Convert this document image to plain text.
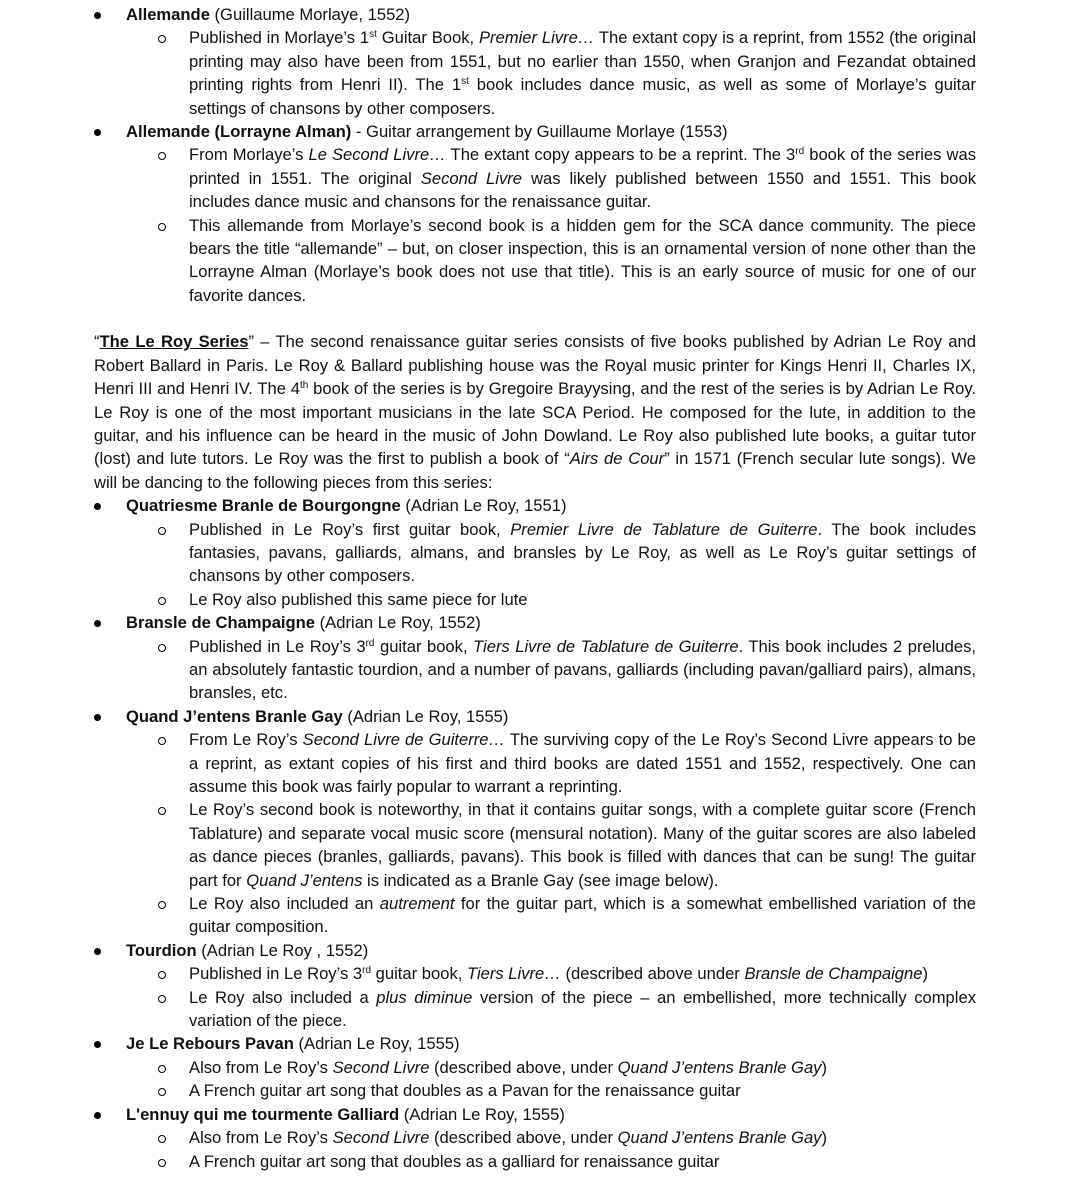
Allemande (Guillaume Morlaye, 1552)
Published in Morlaye’s 1st Guitar Book, Premier Livre… The extant copy is a reprint, from 1552 (the original printing may also have been from 1551, but no earlier than 1550, when Granjon and Fezandat obtained printing rights from Henri II). The 1st book includes dance music, as well as some of Morlaye’s guitar settings of chansons by other composers.
Allemande (Lorrayne Alman) - Guitar arrangement by Guillaume Morlaye (1553)
From Morlaye’s Le Second Livre… The extant copy appears to be a reprint. The 3rd book of the series was printed in 1551. The original Second Livre was likely published between 1550 and 1551. This book includes dance music and chansons for the renaissance guitar.
This allemande from Morlaye’s second book is a hidden gem for the SCA dance community. The piece bears the title “allemande” – but, on closer inspection, this is an ornamental version of none other than the Lorrayne Alman (Morlaye’s book does not use that title). This is an early source of music for one of our favorite dances.
“The Le Roy Series” – The second renaissance guitar series consists of five books published by Adrian Le Roy and Robert Ballard in Paris. Le Roy & Ballard publishing house was the Royal music printer for Kings Henri II, Charles IX, Henri III and Henri IV. The 4th book of the series is by Gregoire Brayysing, and the rest of the series is by Adrian Le Roy. Le Roy is one of the most important musicians in the late SCA Period. He composed for the lute, in addition to the guitar, and his influence can be heard in the music of John Dowland. Le Roy also published lute books, a guitar tutor (lost) and lute tutors. Le Roy was the first to publish a book of “Airs de Cour” in 1571 (French secular lute songs). We will be dancing to the following pieces from this series:
Quatriesme Branle de Bourgongne (Adrian Le Roy, 1551)
Published in Le Roy’s first guitar book, Premier Livre de Tablature de Guiterre. The book includes fantasies, pavans, galliards, almans, and bransles by Le Roy, as well as Le Roy’s guitar settings of chansons by other composers.
Le Roy also published this same piece for lute
Bransle de Champaigne (Adrian Le Roy, 1552)
Published in Le Roy’s 3rd guitar book, Tiers Livre de Tablature de Guiterre. This book includes 2 preludes, an absolutely fantastic tourdion, and a number of pavans, galliards (including pavan/galliard pairs), almans, bransles, etc.
Quand J’entens Branle Gay (Adrian Le Roy, 1555)
From Le Roy’s Second Livre de Guiterre… The surviving copy of the Le Roy’s Second Livre appears to be a reprint, as extant copies of his first and third books are dated 1551 and 1552, respectively. One can assume this book was fairly popular to warrant a reprinting.
Le Roy’s second book is noteworthy, in that it contains guitar songs, with a complete guitar score (French Tablature) and separate vocal music score (mensural notation). Many of the guitar scores are also labeled as dance pieces (branles, galliards, pavans). This book is filled with dances that can be sung! The guitar part for Quand J’entens is indicated as a Branle Gay (see image below).
Le Roy also included an autrement for the guitar part, which is a somewhat embellished variation of the guitar composition.
Tourdion (Adrian Le Roy , 1552)
Published in Le Roy’s 3rd guitar book, Tiers Livre… (described above under Bransle de Champaigne)
Le Roy also included a plus diminue version of the piece – an embellished, more technically complex variation of the piece.
Je Le Rebours Pavan (Adrian Le Roy, 1555)
Also from Le Roy’s Second Livre (described above, under Quand J’entens Branle Gay)
A French guitar art song that doubles as a Pavan for the renaissance guitar
L'ennuy qui me tourmente Galliard (Adrian Le Roy, 1555)
Also from Le Roy’s Second Livre (described above, under Quand J’entens Branle Gay)
A French guitar art song that doubles as a galliard for renaissance guitar
